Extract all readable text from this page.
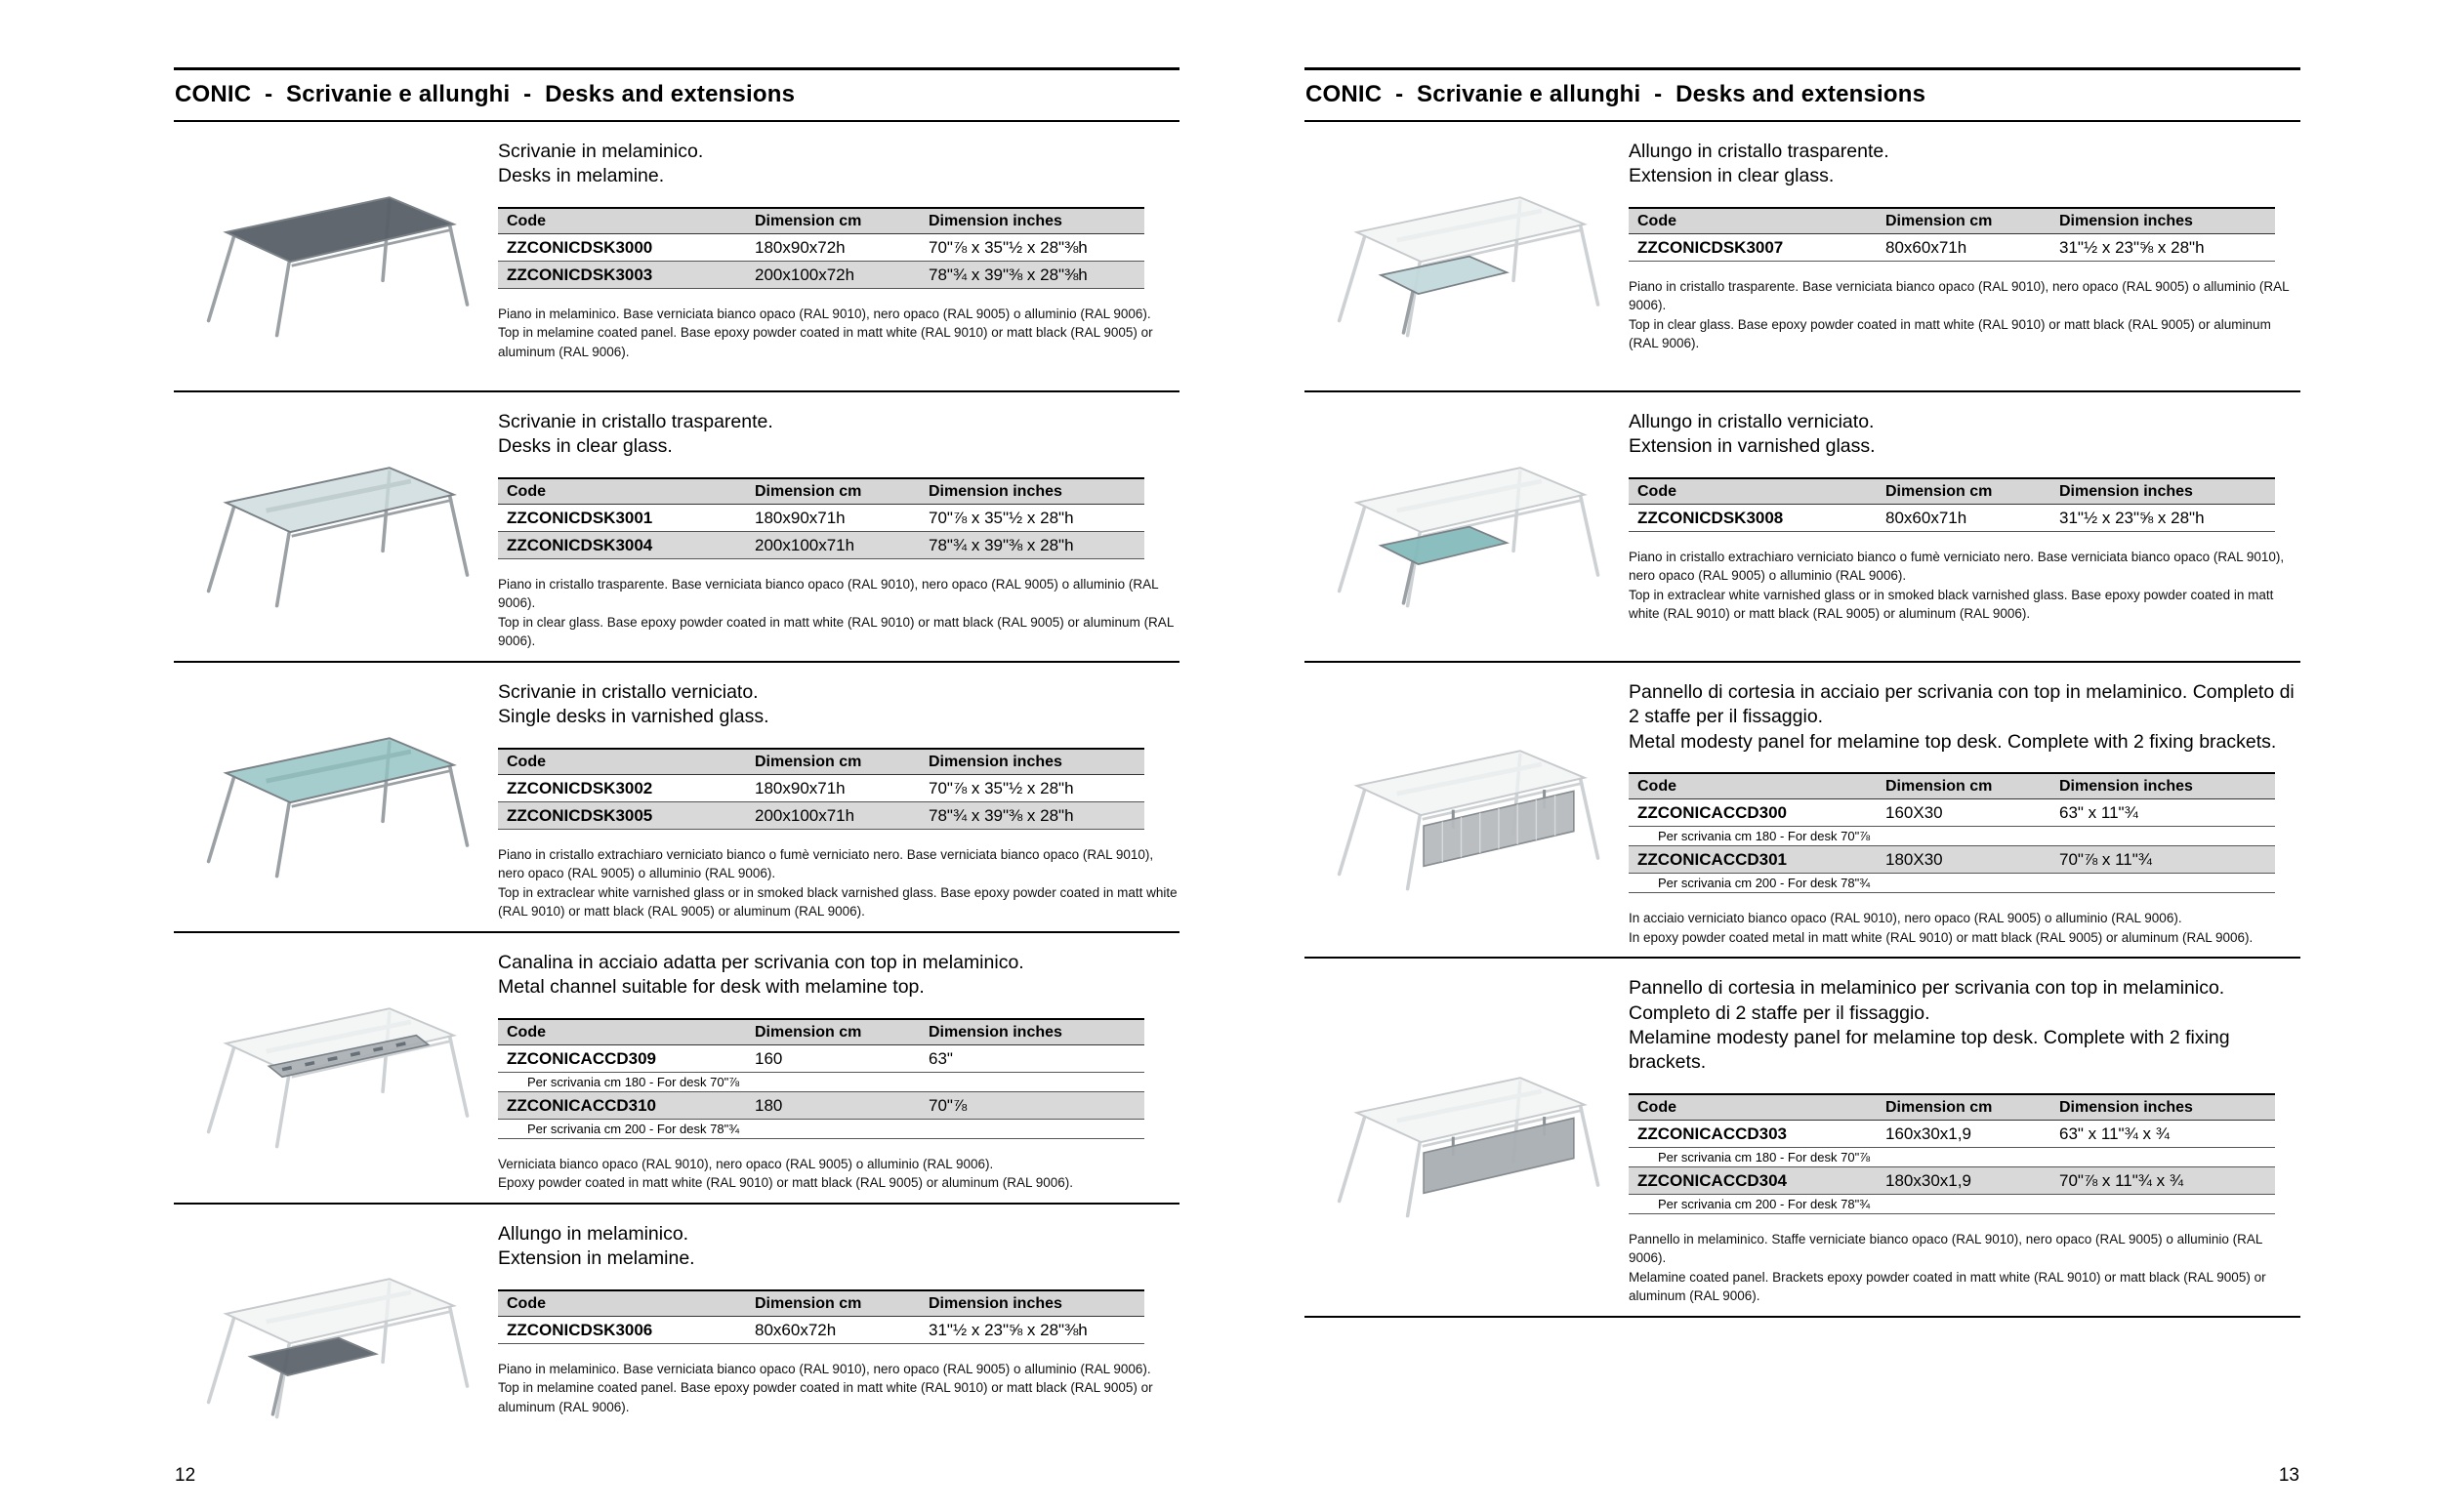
CONIC  -  Scrivanie e allunghi  -  Desks and extensions
Scrivanie in melaminico.
Desks in melamine.
Code	Dimension cm	Dimension inches
ZZCONICDSK3000	180x90x72h	70"⅞ x 35"½ x 28"⅜h
ZZCONICDSK3003	200x100x72h	78"¾ x 39"⅜ x 28"⅜h
Piano in melaminico. Base verniciata bianco opaco (RAL 9010), nero opaco (RAL 9005) o alluminio (RAL 9006).
Top in melamine coated panel. Base epoxy powder coated in matt white (RAL 9010) or matt black (RAL 9005) or aluminum (RAL 9006).
Scrivanie in cristallo trasparente.
Desks in clear glass.
Code	Dimension cm	Dimension inches
ZZCONICDSK3001	180x90x71h	70"⅞ x 35"½ x 28"h
ZZCONICDSK3004	200x100x71h	78"¾ x 39"⅜ x 28"h
Piano in cristallo trasparente. Base verniciata bianco opaco (RAL 9010), nero opaco (RAL 9005) o alluminio (RAL 9006).
Top in clear glass. Base epoxy powder coated in matt white (RAL 9010) or matt black (RAL 9005) or aluminum (RAL 9006).
Scrivanie in cristallo verniciato.
Single desks in varnished glass.
Code	Dimension cm	Dimension inches
ZZCONICDSK3002	180x90x71h	70"⅞ x 35"½ x 28"h
ZZCONICDSK3005	200x100x71h	78"¾ x 39"⅜ x 28"h
Piano in cristallo extrachiaro verniciato bianco o fumè verniciato nero. Base verniciata bianco opaco (RAL 9010), nero opaco (RAL 9005) o alluminio (RAL 9006).
Top in extraclear white varnished glass or in smoked black varnished glass. Base epoxy powder coated in matt white (RAL 9010) or matt black (RAL 9005) or aluminum (RAL 9006).
Canalina in acciaio adatta per scrivania con top in melaminico.
Metal channel suitable for desk with melamine top.
Code	Dimension cm	Dimension inches
ZZCONICACCD309	160	63"
Per scrivania cm 180 - For desk 70"⅞		
ZZCONICACCD310	180	70"⅞
Per scrivania cm 200 - For desk 78"¾		
Verniciata bianco opaco (RAL 9010), nero opaco (RAL 9005) o alluminio (RAL 9006).
Epoxy powder coated in matt white (RAL 9010) or matt black (RAL 9005) or aluminum (RAL 9006).
Allungo in melaminico.
Extension in melamine.
Code	Dimension cm	Dimension inches
ZZCONICDSK3006	80x60x72h	31"½ x 23"⅝ x 28"⅜h
Piano in melaminico. Base verniciata bianco opaco (RAL 9010), nero opaco (RAL 9005) o alluminio (RAL 9006).
Top in melamine coated panel. Base epoxy powder coated in matt white (RAL 9010) or matt black (RAL 9005) or aluminum (RAL 9006).
12
CONIC  -  Scrivanie e allunghi  -  Desks and extensions
Allungo in cristallo trasparente.
Extension in clear glass.
Code	Dimension cm	Dimension inches
ZZCONICDSK3007	80x60x71h	31"½ x 23"⅝ x 28"h
Piano in cristallo trasparente. Base verniciata bianco opaco (RAL 9010), nero opaco (RAL 9005) o alluminio (RAL 9006).
Top in clear glass. Base epoxy powder coated in matt white (RAL 9010) or matt black (RAL 9005) or aluminum (RAL 9006).
Allungo in cristallo verniciato.
Extension in varnished glass.
Code	Dimension cm	Dimension inches
ZZCONICDSK3008	80x60x71h	31"½ x 23"⅝ x 28"h
Piano in cristallo extrachiaro verniciato bianco o fumè verniciato nero. Base verniciata bianco opaco (RAL 9010), nero opaco (RAL 9005) o alluminio (RAL 9006).
Top in extraclear white varnished glass or in smoked black varnished glass. Base epoxy powder coated in matt white (RAL 9010) or matt black (RAL 9005) or aluminum (RAL 9006).
Pannello di cortesia in acciaio per scrivania con top in melaminico. Completo di 2 staffe per il fissaggio.
Metal modesty panel for melamine top desk. Complete with 2 fixing brackets.
Code	Dimension cm	Dimension inches
ZZCONICACCD300	160X30	63" x 11"¾
Per scrivania cm 180 - For desk 70"⅞		
ZZCONICACCD301	180X30	70"⅞ x 11"¾
Per scrivania cm 200 - For desk 78"¾		
In acciaio verniciato bianco opaco (RAL 9010), nero opaco (RAL 9005) o alluminio (RAL 9006).
In epoxy powder coated metal in matt white (RAL 9010) or matt black (RAL 9005) or aluminum (RAL 9006).
Pannello di cortesia in melaminico per scrivania con top in melaminico. Completo di 2 staffe per il fissaggio.
Melamine modesty panel for melamine top desk. Complete with 2 fixing brackets.
Code	Dimension cm	Dimension inches
ZZCONICACCD303	160x30x1,9	63" x 11"¾ x ¾
Per scrivania cm 180 - For desk 70"⅞		
ZZCONICACCD304	180x30x1,9	70"⅞ x 11"¾ x ¾
Per scrivania cm 200 - For desk 78"¾		
Pannello in melaminico. Staffe verniciate bianco opaco (RAL 9010), nero opaco (RAL 9005) o alluminio (RAL 9006).
Melamine coated panel. Brackets epoxy powder coated in matt white (RAL 9010) or matt black (RAL 9005) or aluminum (RAL 9006).
13
